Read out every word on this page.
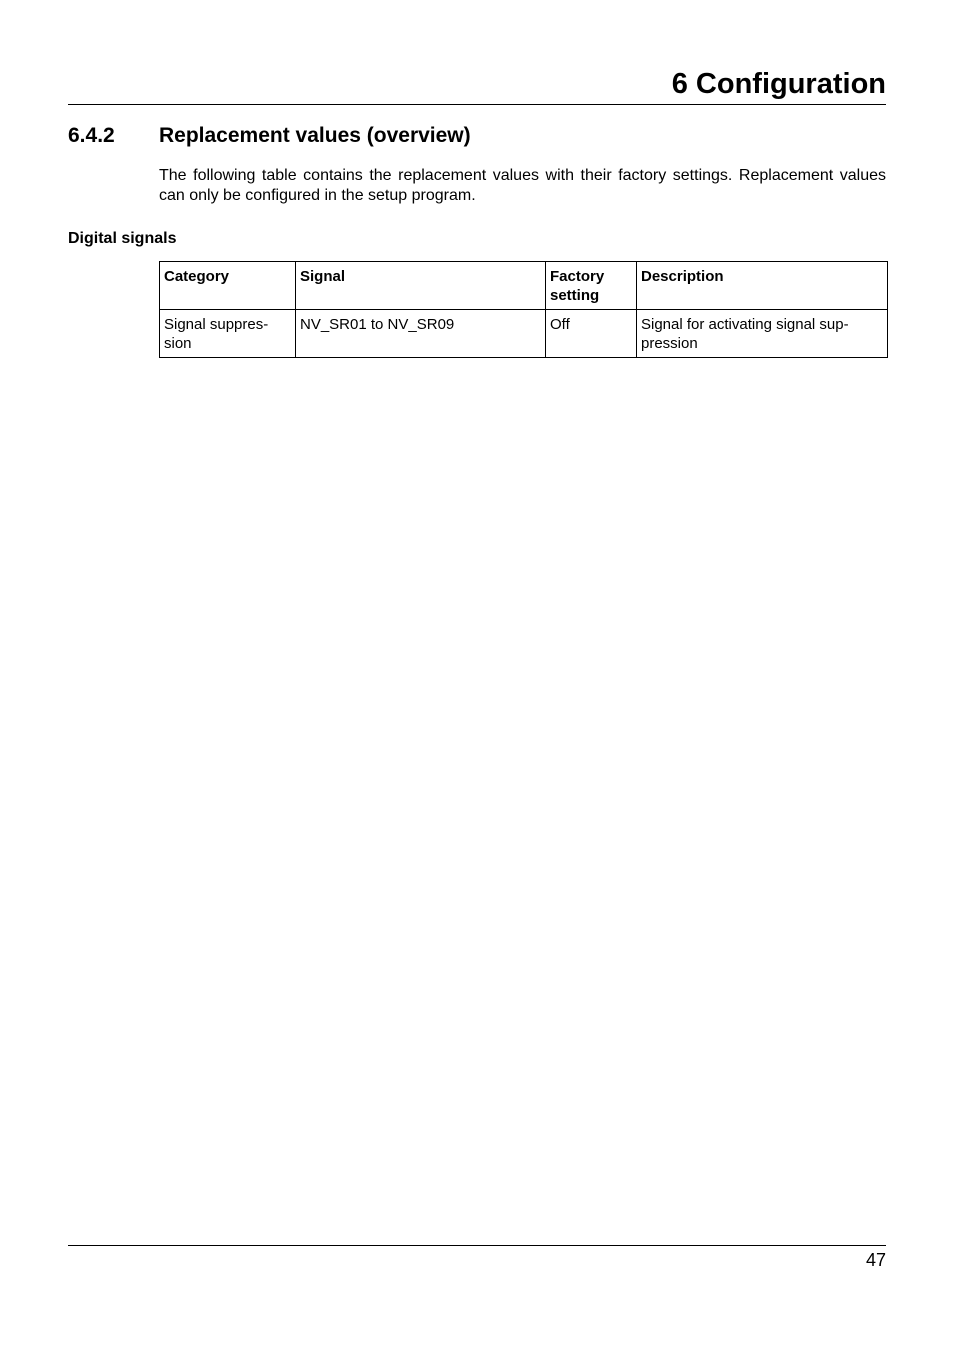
6 Configuration
6.4.2 Replacement values (overview)

The following table contains the replacement values with their factory settings. Replacement values can only be configured in the setup program.

Digital signals
Category	Signal	Factory setting	Description
Signal suppres-sion	NV_SR01 to NV_SR09	Off	Signal for activating signal sup-pression

47
